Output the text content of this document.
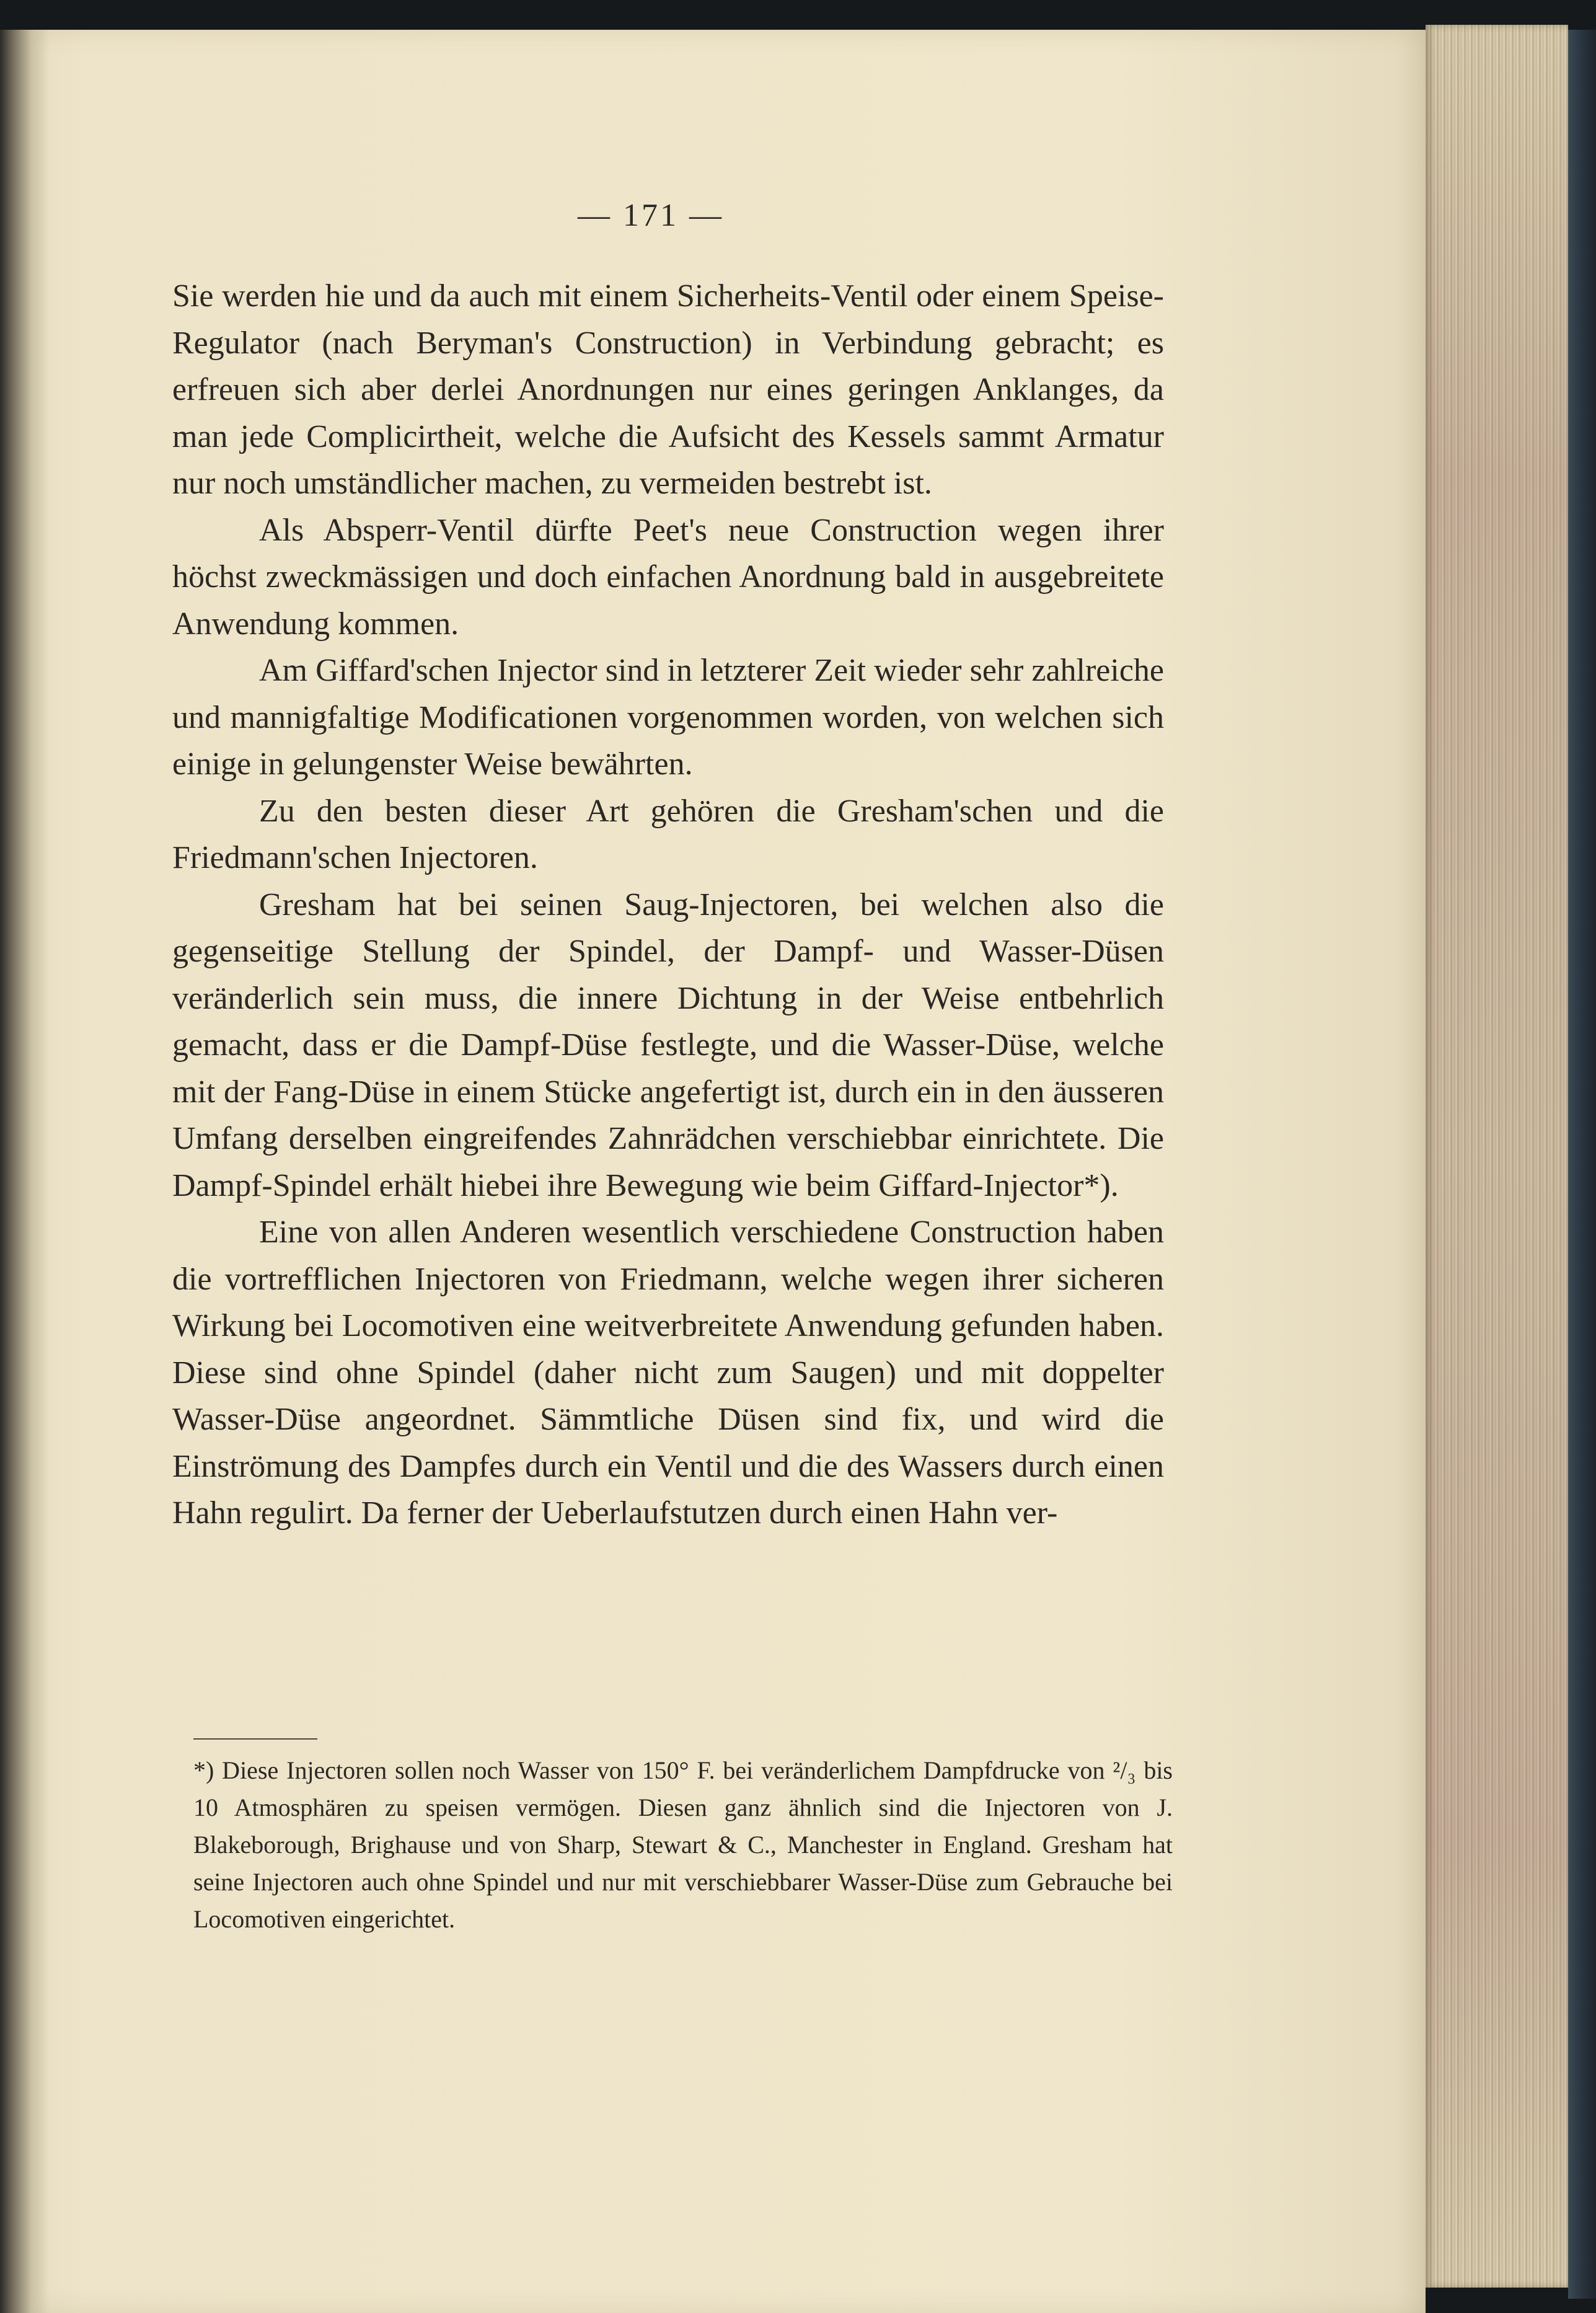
— 171 —

Sie werden hie und da auch mit einem Sicherheits-Ventil oder einem Speise-Regulator (nach Beryman's Construction) in Verbindung gebracht; es erfreuen sich aber derlei Anordnungen nur eines geringen Anklanges, da man jede Complicirtheit, welche die Aufsicht des Kessels sammt Armatur nur noch umständlicher machen, zu vermeiden bestrebt ist.

Als Absperr-Ventil dürfte Peet's neue Construction wegen ihrer höchst zweckmässigen und doch einfachen Anordnung bald in ausgebreitete Anwendung kommen.

Am Giffard'schen Injector sind in letzterer Zeit wieder sehr zahlreiche und mannigfaltige Modificationen vorgenommen worden, von welchen sich einige in gelungenster Weise bewährten.

Zu den besten dieser Art gehören die Gresham'schen und die Friedmann'schen Injectoren.

Gresham hat bei seinen Saug-Injectoren, bei welchen also die gegenseitige Stellung der Spindel, der Dampf- und Wasser-Düsen veränderlich sein muss, die innere Dichtung in der Weise entbehrlich gemacht, dass er die Dampf-Düse festlegte, und die Wasser-Düse, welche mit der Fang-Düse in einem Stücke angefertigt ist, durch ein in den äusseren Umfang derselben eingreifendes Zahnrädchen verschiebbar einrichtete. Die Dampf-Spindel erhält hiebei ihre Bewegung wie beim Giffard-Injector*).

Eine von allen Anderen wesentlich verschiedene Construction haben die vortrefflichen Injectoren von Friedmann, welche wegen ihrer sicheren Wirkung bei Locomotiven eine weitverbreitete Anwendung gefunden haben. Diese sind ohne Spindel (daher nicht zum Saugen) und mit doppelter Wasser-Düse angeordnet. Sämmtliche Düsen sind fix, und wird die Einströmung des Dampfes durch ein Ventil und die des Wassers durch einen Hahn regulirt. Da ferner der Ueberlaufstutzen durch einen Hahn ver-

*) Diese Injectoren sollen noch Wasser von 150° F. bei veränderlichem Dampfdrucke von ²/₃ bis 10 Atmosphären zu speisen vermögen. Diesen ganz ähnlich sind die Injectoren von J. Blakeborough, Brighause und von Sharp, Stewart & C., Manchester in England. Gresham hat seine Injectoren auch ohne Spindel und nur mit verschiebbarer Wasser-Düse zum Gebrauche bei Locomotiven eingerichtet.
